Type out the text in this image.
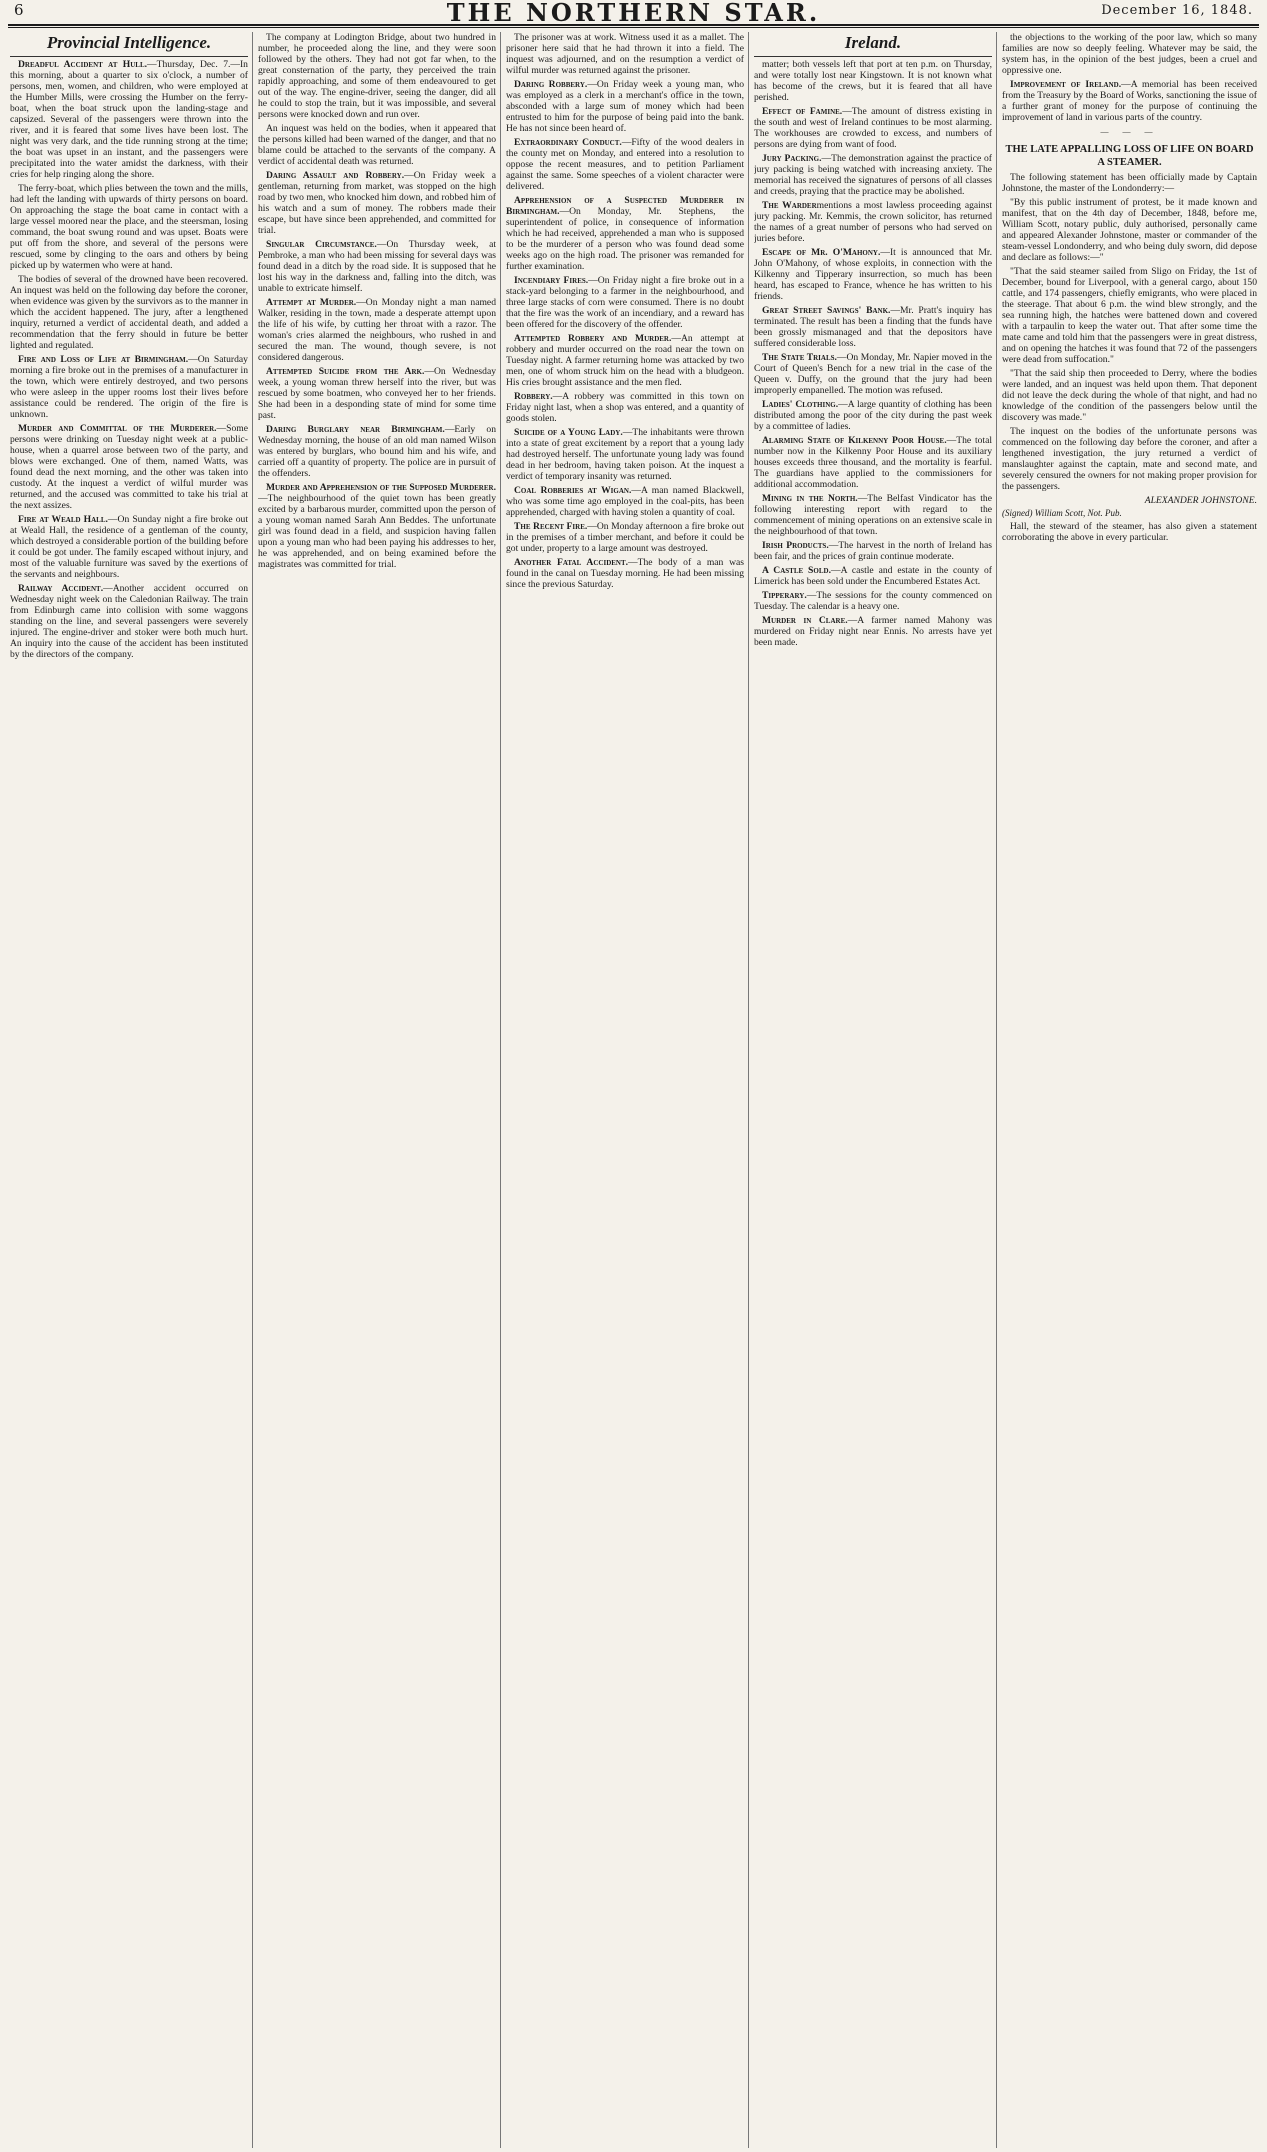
6	THE NORTHERN STAR.	December 16, 1848.
Provincial Intelligence.

Dreadful Accident at Hull.—Thursday, Dec. 7.—In this morning, about a quarter to six o'clock, a number of persons, men, women, and children, who were employed at the Humber Mills, were crossing the Humber on the ferry-boat, when the boat struck upon the landing-stage and capsized. Several of the passengers were thrown into the river, and it is feared that some lives have been lost. The night was very dark, and the tide running strong at the time; the boat was upset in an instant, and the passengers were precipitated into the water amidst the darkness, with their cries for help ringing along the shore.

The ferry-boat, which plies between the town and the mills, had left the landing with upwards of thirty persons on board. On approaching the stage the boat came in contact with a large vessel moored near the place, and the steersman, losing command, the boat swung round and was upset. Boats were put off from the shore, and several of the persons were rescued, some by clinging to the oars and others by being picked up by watermen who were at hand.

The bodies of several of the drowned have been recovered. An inquest was held on the following day before the coroner, when evidence was given by the survivors as to the manner in which the accident happened. The jury, after a lengthened inquiry, returned a verdict of accidental death, and added a recommendation that the ferry should in future be better lighted and regulated.

Fire and Loss of Life at Birmingham.—On Saturday morning a fire broke out in the premises of a manufacturer in the town, which were entirely destroyed, and two persons who were asleep in the upper rooms lost their lives before assistance could be rendered. The origin of the fire is unknown.

Murder and Committal of the Murderer.—Some persons were drinking on Tuesday night week at a public-house, when a quarrel arose between two of the party, and blows were exchanged. One of them, named Watts, was found dead the next morning, and the other was taken into custody. At the inquest a verdict of wilful murder was returned, and the accused was committed to take his trial at the next assizes.

Fire at Weald Hall.—On Sunday night a fire broke out at Weald Hall, the residence of a gentleman of the county, which destroyed a considerable portion of the building before it could be got under. The family escaped without injury, and most of the valuable furniture was saved by the exertions of the servants and neighbours.

Railway Accident.—Another accident occurred on Wednesday night week on the Caledonian Railway. The train from Edinburgh came into collision with some waggons standing on the line, and several passengers were severely injured. The engine-driver and stoker were both much hurt. An inquiry into the cause of the accident has been instituted by the directors of the company.

The company at Lodington Bridge, about two hundred in number, he proceeded along the line, and they were soon followed by the others. They had not got far when, to the great consternation of the party, they perceived the train rapidly approaching, and some of them endeavoured to get out of the way. The engine-driver, seeing the danger, did all he could to stop the train, but it was impossible, and several persons were knocked down and run over.

An inquest was held on the bodies, when it appeared that the persons killed had been warned of the danger, and that no blame could be attached to the servants of the company. A verdict of accidental death was returned.

Daring Assault and Robbery.—On Friday week a gentleman, returning from market, was stopped on the high road by two men, who knocked him down, and robbed him of his watch and a sum of money. The robbers made their escape, but have since been apprehended, and committed for trial.

Singular Circumstance.—On Thursday week, at Pembroke, a man who had been missing for several days was found dead in a ditch by the road side. It is supposed that he lost his way in the darkness and, falling into the ditch, was unable to extricate himself.

Attempt at Murder.—On Monday night a man named Walker, residing in the town, made a desperate attempt upon the life of his wife, by cutting her throat with a razor. The woman's cries alarmed the neighbours, who rushed in and secured the man. The wound, though severe, is not considered dangerous.

Attempted Suicide from the Ark.—On Wednesday week, a young woman threw herself into the river, but was rescued by some boatmen, who conveyed her to her friends. She had been in a desponding state of mind for some time past.

Daring Burglary near Birmingham.—Early on Wednesday morning, the house of an old man named Wilson was entered by burglars, who bound him and his wife, and carried off a quantity of property. The police are in pursuit of the offenders.

Murder and Apprehension of the Supposed Murderer.—The neighbourhood of the quiet town has been greatly excited by a barbarous murder, committed upon the person of a young woman named Sarah Ann Beddes. The unfortunate girl was found dead in a field, and suspicion having fallen upon a young man who had been paying his addresses to her, he was apprehended, and on being examined before the magistrates was committed for trial.

The prisoner was at work. Witness used it as a mallet. The prisoner here said that he had thrown it into a field. The inquest was adjourned, and on the resumption a verdict of wilful murder was returned against the prisoner.

Daring Robbery.—On Friday week a young man, who was employed as a clerk in a merchant's office in the town, absconded with a large sum of money which had been entrusted to him for the purpose of being paid into the bank. He has not since been heard of.

Extraordinary Conduct.—Fifty of the wood dealers in the county met on Monday, and entered into a resolution to oppose the recent measures, and to petition Parliament against the same. Some speeches of a violent character were delivered.

Apprehension of a Suspected Murderer in Birmingham.—On Monday, Mr. Stephens, the superintendent of police, in consequence of information which he had received, apprehended a man who is supposed to be the murderer of a person who was found dead some weeks ago on the high road. The prisoner was remanded for further examination.

Incendiary Fires.—On Friday night a fire broke out in a stack-yard belonging to a farmer in the neighbourhood, and three large stacks of corn were consumed. There is no doubt that the fire was the work of an incendiary, and a reward has been offered for the discovery of the offender.

Attempted Robbery and Murder.—An attempt at robbery and murder occurred on the road near the town on Tuesday night. A farmer returning home was attacked by two men, one of whom struck him on the head with a bludgeon. His cries brought assistance and the men fled.

Robbery.—A robbery was committed in this town on Friday night last, when a shop was entered, and a quantity of goods stolen.

Suicide of a Young Lady.—The inhabitants were thrown into a state of great excitement by a report that a young lady had destroyed herself. The unfortunate young lady was found dead in her bedroom, having taken poison. At the inquest a verdict of temporary insanity was returned.

Coal Robberies at Wigan.—A man named Blackwell, who was some time ago employed in the coal-pits, has been apprehended, charged with having stolen a quantity of coal.

The Recent Fire.—On Monday afternoon a fire broke out in the premises of a timber merchant, and before it could be got under, property to a large amount was destroyed.

Another Fatal Accident.—The body of a man was found in the canal on Tuesday morning. He had been missing since the previous Saturday.

Ireland.

matter; both vessels left that port at ten p.m. on Thursday, and were totally lost near Kingstown. It is not known what has become of the crews, but it is feared that all have perished.

Effect of Famine.—The amount of distress existing in the south and west of Ireland continues to be most alarming. The workhouses are crowded to excess, and numbers of persons are dying from want of food.

Jury Packing.—The demonstration against the practice of jury packing is being watched with increasing anxiety. The memorial has received the signatures of persons of all classes and creeds, praying that the practice may be abolished.

The Wardermentions a most lawless proceeding against jury packing. Mr. Kemmis, the crown solicitor, has returned the names of a great number of persons who had served on juries before.

Escape of Mr. O'Mahony.—It is announced that Mr. John O'Mahony, of whose exploits, in connection with the Kilkenny and Tipperary insurrection, so much has been heard, has escaped to France, whence he has written to his friends.

Great Street Savings' Bank.—Mr. Pratt's inquiry has terminated. The result has been a finding that the funds have been grossly mismanaged and that the depositors have suffered considerable loss.

The State Trials.—On Monday, Mr. Napier moved in the Court of Queen's Bench for a new trial in the case of the Queen v. Duffy, on the ground that the jury had been improperly empanelled. The motion was refused.

Ladies' Clothing.—A large quantity of clothing has been distributed among the poor of the city during the past week by a committee of ladies.

Alarming State of Kilkenny Poor House.—The total number now in the Kilkenny Poor House and its auxiliary houses exceeds three thousand, and the mortality is fearful. The guardians have applied to the commissioners for additional accommodation.

Mining in the North.—The Belfast Vindicator has the following interesting report with regard to the commencement of mining operations on an extensive scale in the neighbourhood of that town.

Irish Products.—The harvest in the north of Ireland has been fair, and the prices of grain continue moderate.

A Castle Sold.—A castle and estate in the county of Limerick has been sold under the Encumbered Estates Act.

Tipperary.—The sessions for the county commenced on Tuesday. The calendar is a heavy one.

Murder in Clare.—A farmer named Mahony was murdered on Friday night near Ennis. No arrests have yet been made.

the objections to the working of the poor law, which so many families are now so deeply feeling. Whatever may be said, the system has, in the opinion of the best judges, been a cruel and oppressive one.

Improvement of Ireland.—A memorial has been received from the Treasury by the Board of Works, sanctioning the issue of a further grant of money for the purpose of continuing the improvement of land in various parts of the country.

— — —
THE LATE APPALLING LOSS OF LIFE ON BOARD A STEAMER.

The following statement has been officially made by Captain Johnstone, the master of the Londonderry:—

"By this public instrument of protest, be it made known and manifest, that on the 4th day of December, 1848, before me, William Scott, notary public, duly authorised, personally came and appeared Alexander Johnstone, master or commander of the steam-vessel Londonderry, and who being duly sworn, did depose and declare as follows:—"

"That the said steamer sailed from Sligo on Friday, the 1st of December, bound for Liverpool, with a general cargo, about 150 cattle, and 174 passengers, chiefly emigrants, who were placed in the steerage. That about 6 p.m. the wind blew strongly, and the sea running high, the hatches were battened down and covered with a tarpaulin to keep the water out. That after some time the mate came and told him that the passengers were in great distress, and on opening the hatches it was found that 72 of the passengers were dead from suffocation."

"That the said ship then proceeded to Derry, where the bodies were landed, and an inquest was held upon them. That deponent did not leave the deck during the whole of that night, and had no knowledge of the condition of the passengers below until the discovery was made."

The inquest on the bodies of the unfortunate persons was commenced on the following day before the coroner, and after a lengthened investigation, the jury returned a verdict of manslaughter against the captain, mate and second mate, and severely censured the owners for not making proper provision for the passengers.

ALEXANDER JOHNSTONE.
(Signed) William Scott, Not. Pub.

Hall, the steward of the steamer, has also given a statement corroborating the above in every particular.
